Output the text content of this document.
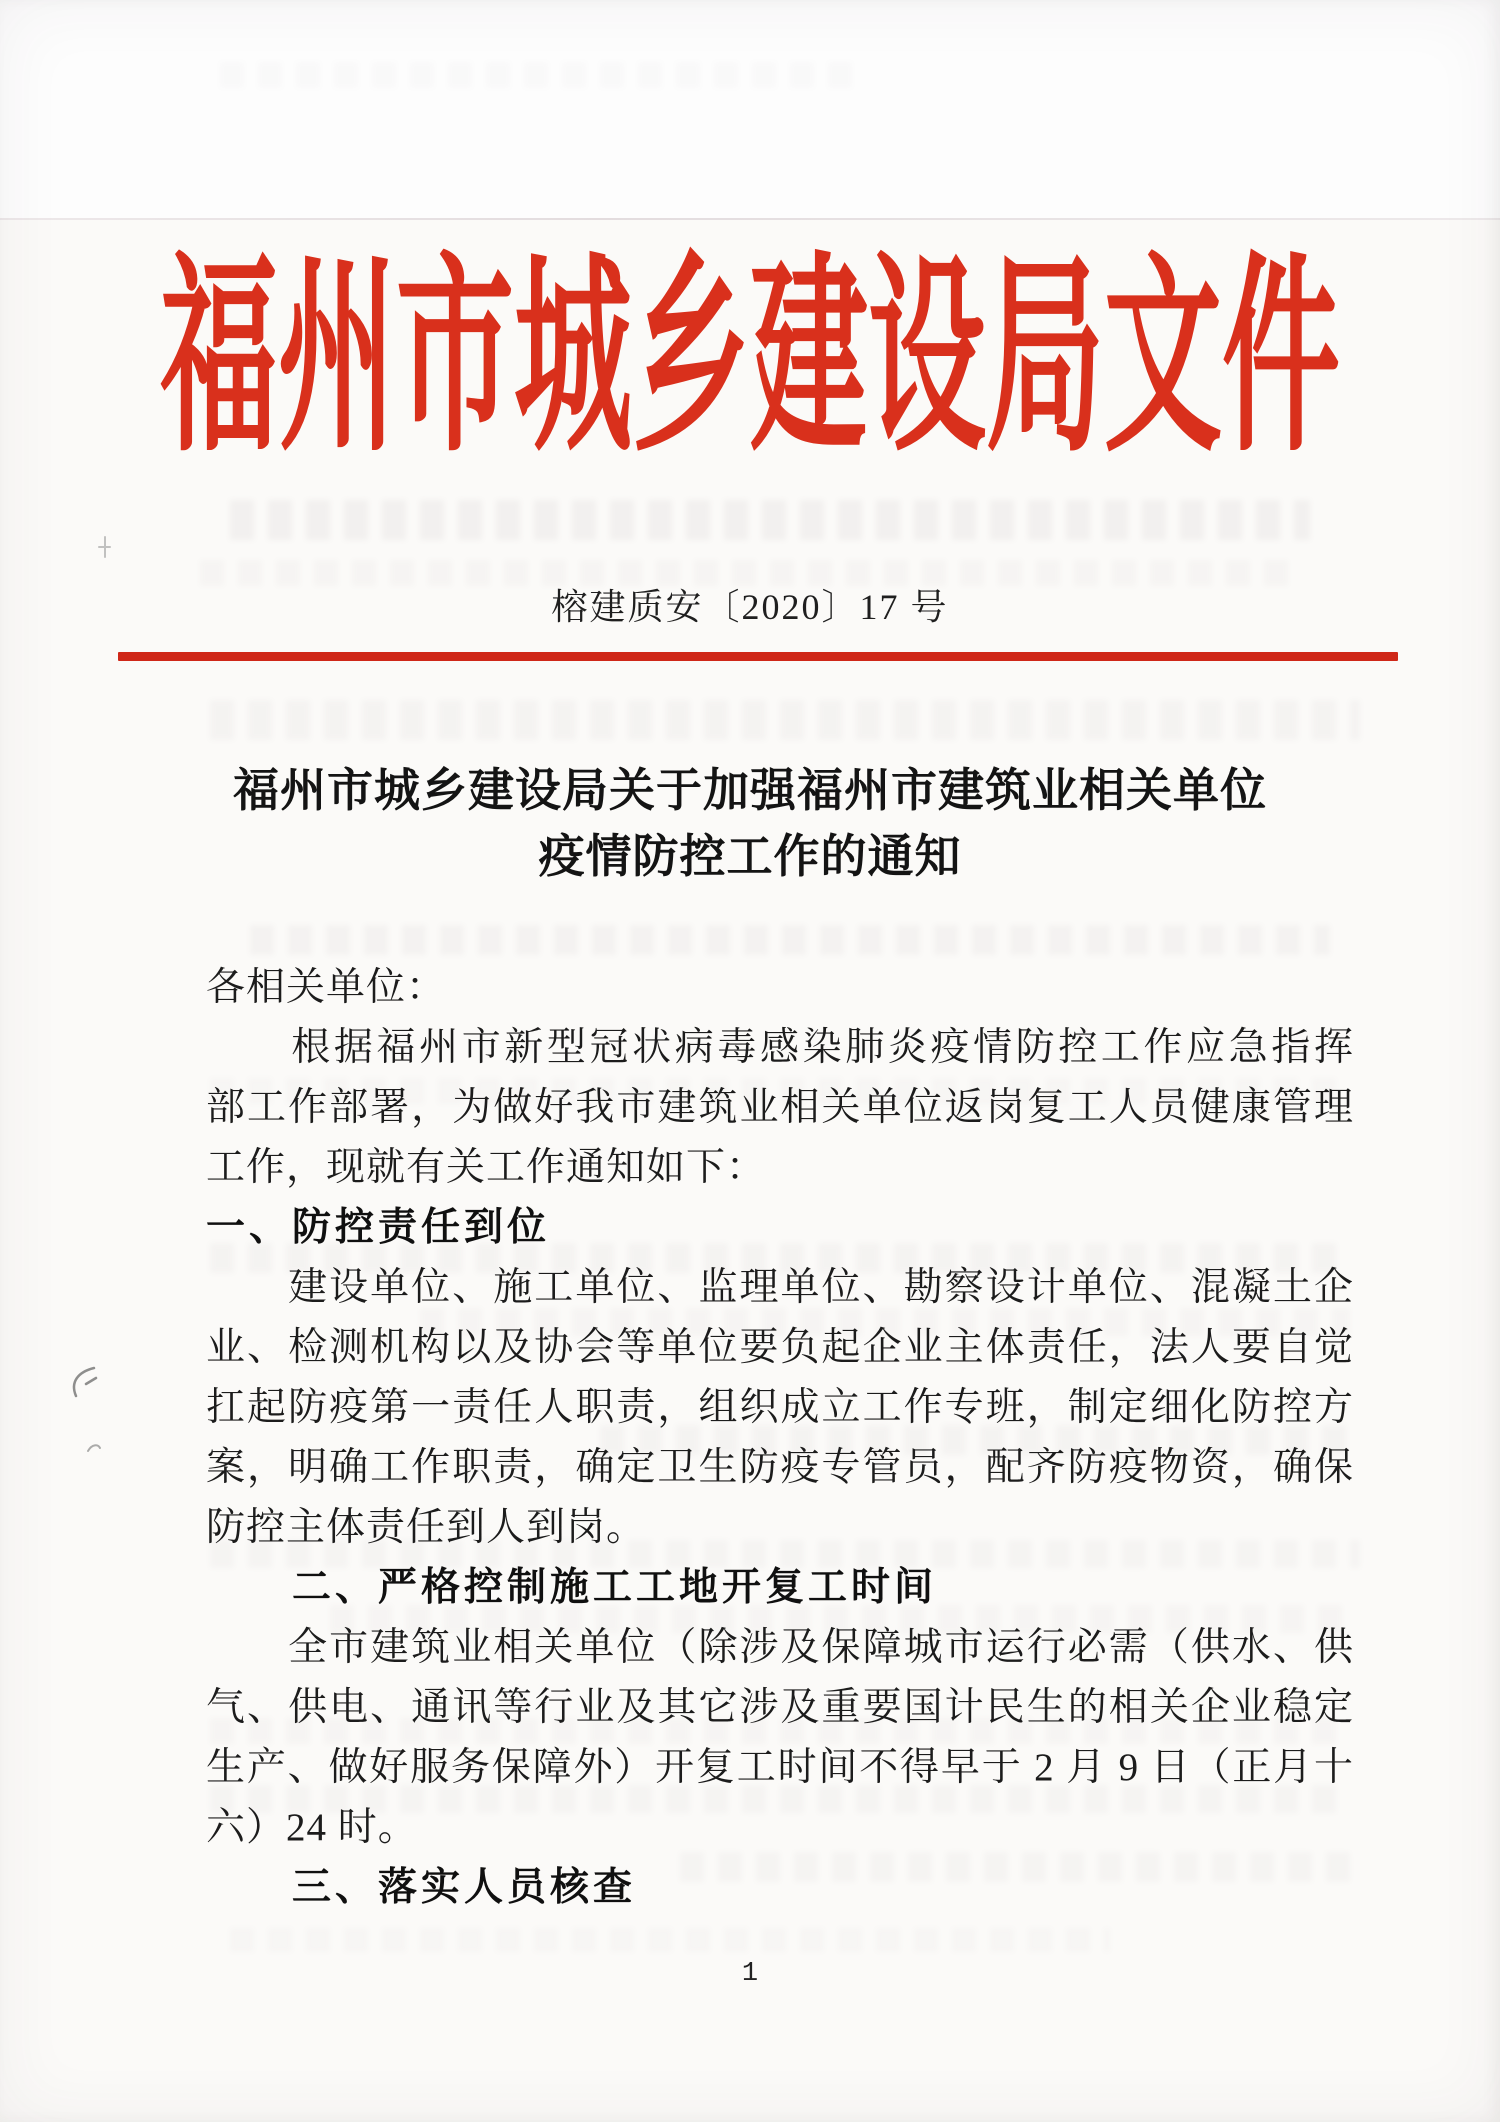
福州市城乡建设局文件
榕建质安〔2020〕17 号
福州市城乡建设局关于加强福州市建筑业相关单位
疫情防控工作的通知
各相关单位：
　　根据福州市新型冠状病毒感染肺炎疫情防控工作应急指挥
部工作部署，为做好我市建筑业相关单位返岗复工人员健康管理
工作，现就有关工作通知如下：
一、防控责任到位
　　建设单位、施工单位、监理单位、勘察设计单位、混凝土企
业、检测机构以及协会等单位要负起企业主体责任，法人要自觉
扛起防疫第一责任人职责，组织成立工作专班，制定细化防控方
案，明确工作职责，确定卫生防疫专管员，配齐防疫物资，确保
防控主体责任到人到岗。
　　二、严格控制施工工地开复工时间
　　全市建筑业相关单位（除涉及保障城市运行必需（供水、供
气、供电、通讯等行业及其它涉及重要国计民生的相关企业稳定
生产、做好服务保障外）开复工时间不得早于 2 月 9 日（正月十
六）24 时。
　　三、落实人员核查
1
